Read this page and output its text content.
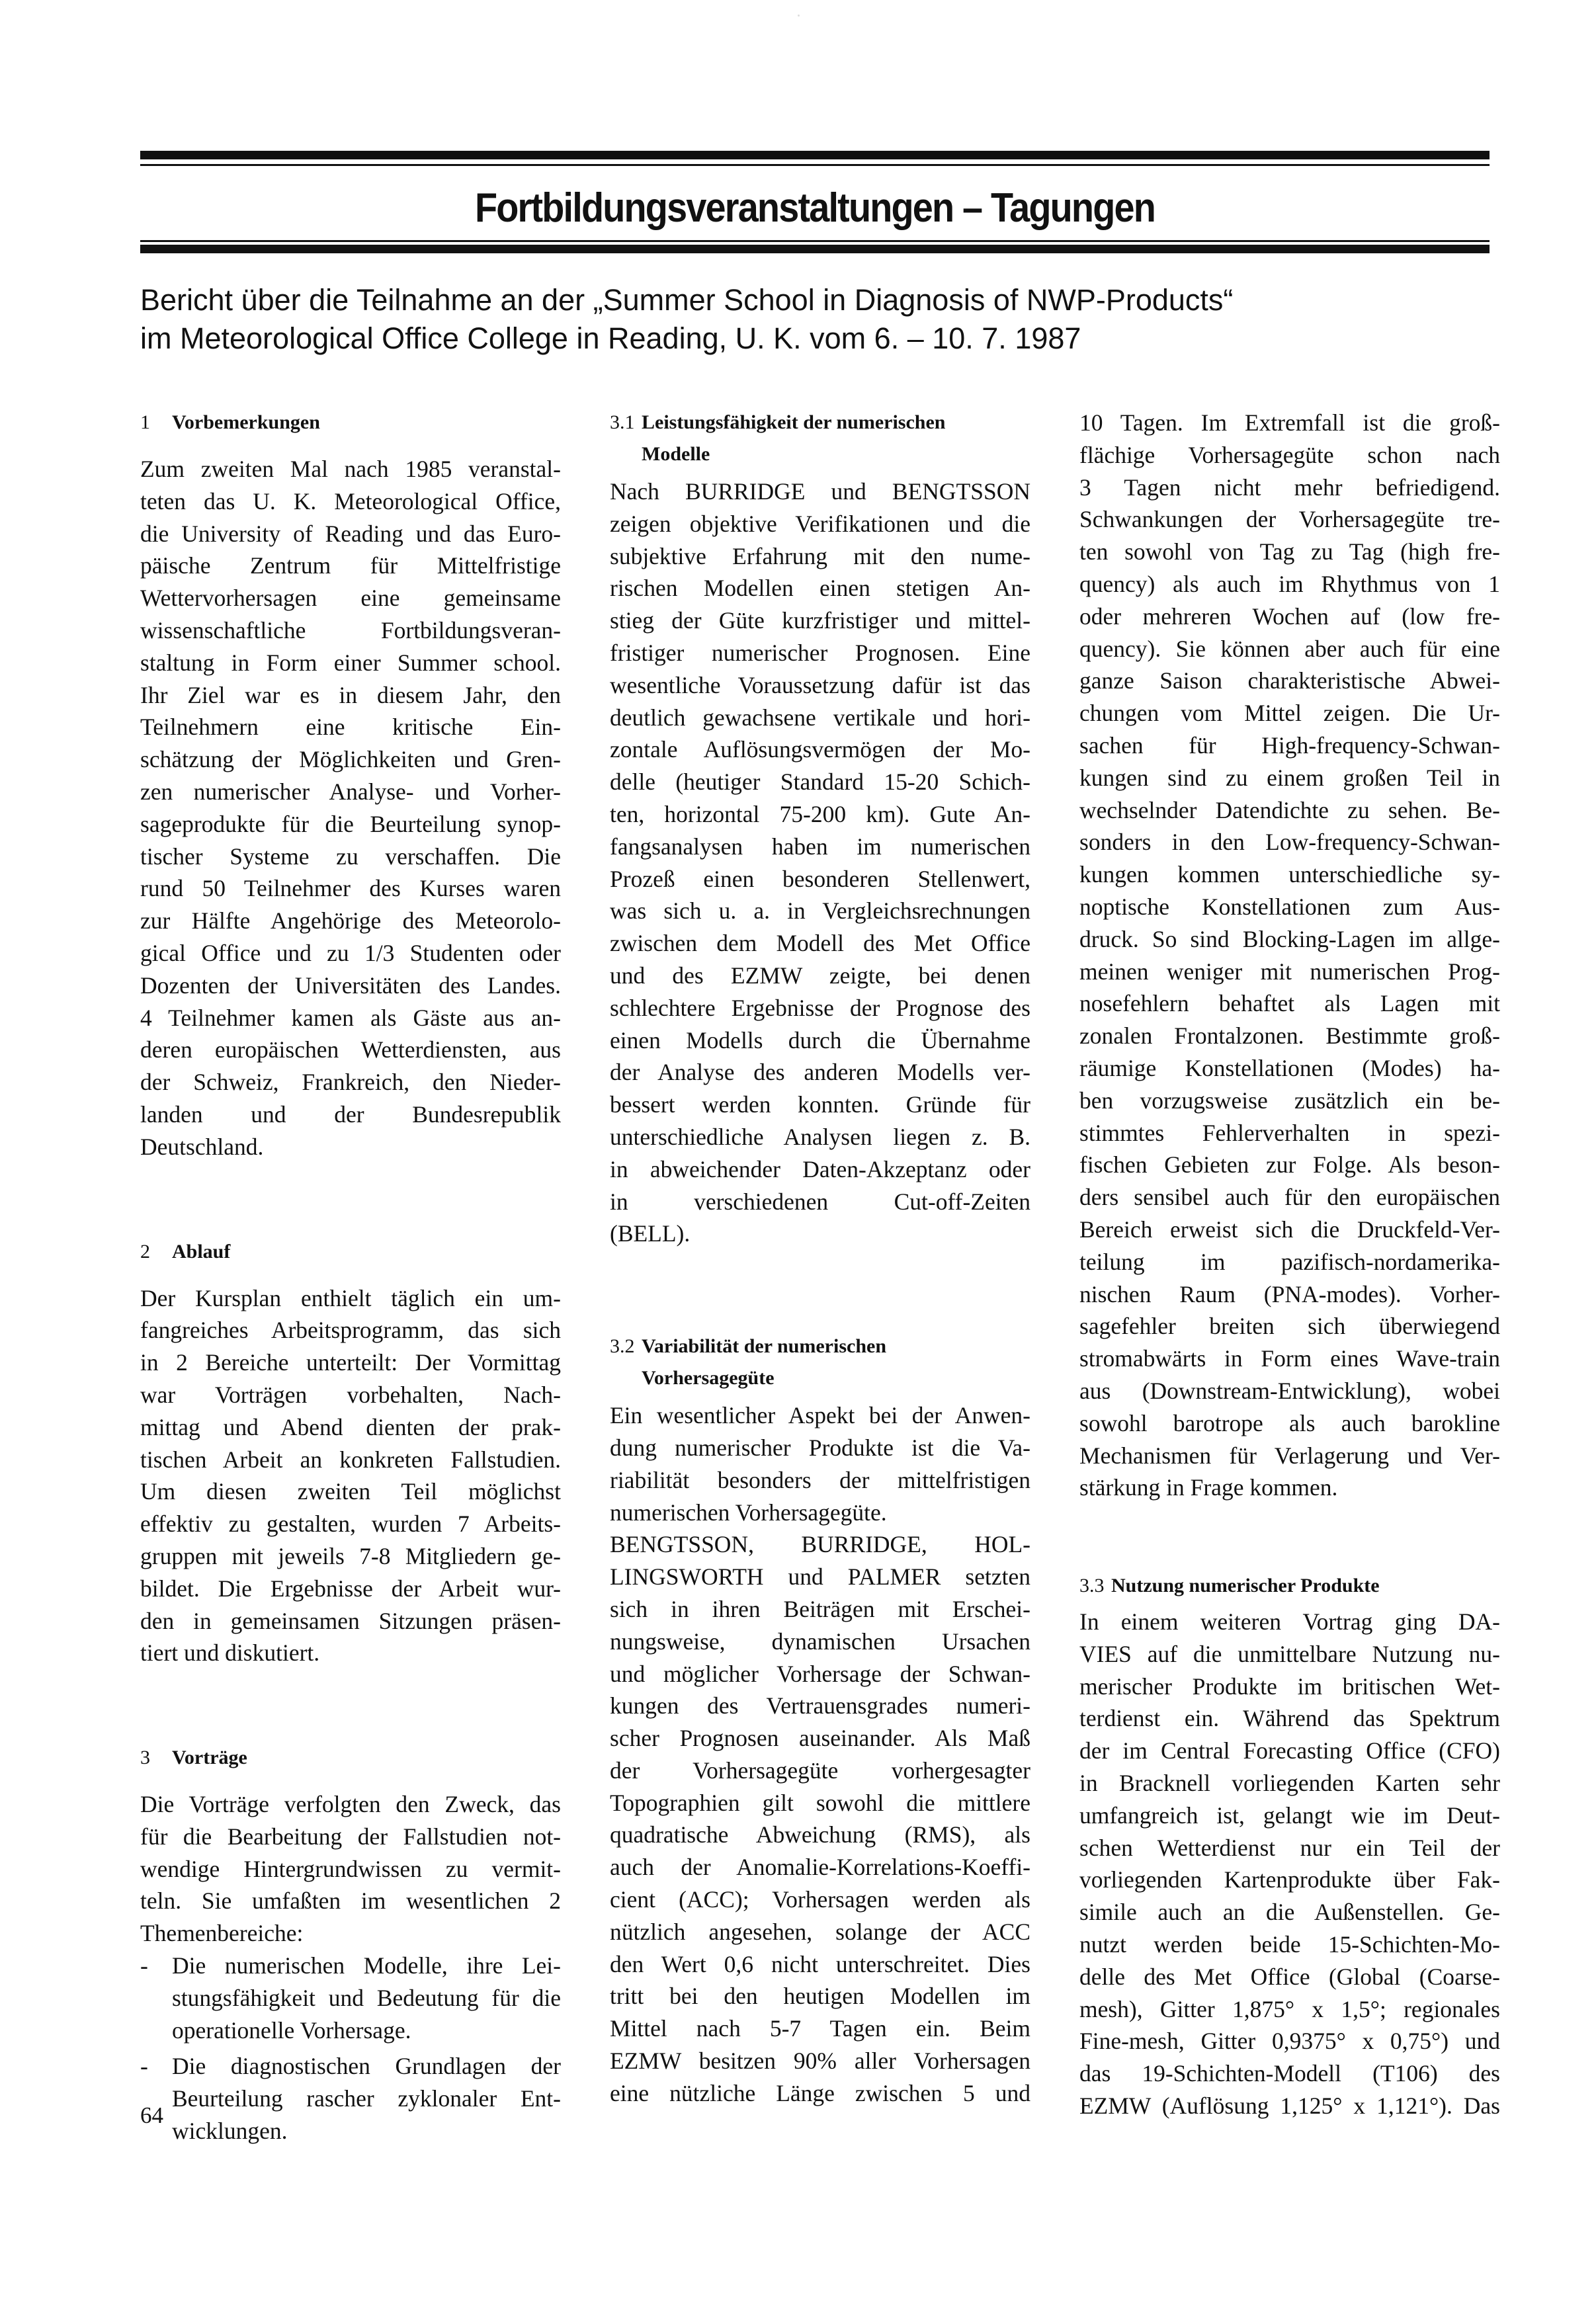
Fortbildungsveranstaltungen – Tagungen
Bericht über die Teilnahme an der „Summer School in Diagnosis of NWP-Products“
im Meteorological Office College in Reading, U. K. vom 6. – 10. 7. 1987
1 Vorbemerkungen

Zum zweiten Mal nach 1985 veranstal-

teten das U. K. Meteorological Office,

die University of Reading und das Euro-

päische Zentrum für Mittelfristige

Wettervorhersagen eine gemeinsame

wissenschaftliche Fortbildungsveran-

staltung in Form einer Summer school.

Ihr Ziel war es in diesem Jahr, den

Teilnehmern eine kritische Ein-

schätzung der Möglichkeiten und Gren-

zen numerischer Analyse- und Vorher-

sageprodukte für die Beurteilung synop-

tischer Systeme zu verschaffen. Die

rund 50 Teilnehmer des Kurses waren

zur Hälfte Angehörige des Meteorolo-

gical Office und zu 1/3 Studenten oder

Dozenten der Universitäten des Landes.

4 Teilnehmer kamen als Gäste aus an-

deren europäischen Wetterdiensten, aus

der Schweiz, Frankreich, den Nieder-

landen und der Bundesrepublik

Deutschland.

2 Ablauf

Der Kursplan enthielt täglich ein um-

fangreiches Arbeitsprogramm, das sich

in 2 Bereiche unterteilt: Der Vormittag

war Vorträgen vorbehalten, Nach-

mittag und Abend dienten der prak-

tischen Arbeit an konkreten Fallstudien.

Um diesen zweiten Teil möglichst

effektiv zu gestalten, wurden 7 Arbeits-

gruppen mit jeweils 7-8 Mitgliedern ge-

bildet. Die Ergebnisse der Arbeit wur-

den in gemeinsamen Sitzungen präsen-

tiert und diskutiert.

3 Vorträge

Die Vorträge verfolgten den Zweck, das

für die Bearbeitung der Fallstudien not-

wendige Hintergrundwissen zu vermit-

teln. Sie umfaßten im wesentlichen 2

Themenbereiche:

- Die numerischen Modelle, ihre Lei-

stungsfähigkeit und Bedeutung für die

operationelle Vorhersage.

- Die diagnostischen Grundlagen der

Beurteilung rascher zyklonaler Ent-

wicklungen.

3.1 Leistungsfähigkeit der numerischen Modelle

Nach BURRIDGE und BENGTSSON

zeigen objektive Verifikationen und die

subjektive Erfahrung mit den nume-

rischen Modellen einen stetigen An-

stieg der Güte kurzfristiger und mittel-

fristiger numerischer Prognosen. Eine

wesentliche Voraussetzung dafür ist das

deutlich gewachsene vertikale und hori-

zontale Auflösungsvermögen der Mo-

delle (heutiger Standard 15-20 Schich-

ten, horizontal 75-200 km). Gute An-

fangsanalysen haben im numerischen

Prozeß einen besonderen Stellenwert,

was sich u. a. in Vergleichsrechnungen

zwischen dem Modell des Met Office

und des EZMW zeigte, bei denen

schlechtere Ergebnisse der Prognose des

einen Modells durch die Übernahme

der Analyse des anderen Modells ver-

bessert werden konnten. Gründe für

unterschiedliche Analysen liegen z. B.

in abweichender Daten-Akzeptanz oder

in verschiedenen Cut-off-Zeiten

(BELL).

3.2 Variabilität der numerischen Vorhersagegüte

Ein wesentlicher Aspekt bei der Anwen-

dung numerischer Produkte ist die Va-

riabilität besonders der mittelfristigen

numerischen Vorhersagegüte.

BENGTSSON, BURRIDGE, HOL-

LINGSWORTH und PALMER setzten

sich in ihren Beiträgen mit Erschei-

nungsweise, dynamischen Ursachen

und möglicher Vorhersage der Schwan-

kungen des Vertrauensgrades numeri-

scher Prognosen auseinander. Als Maß

der Vorhersagegüte vorhergesagter

Topographien gilt sowohl die mittlere

quadratische Abweichung (RMS), als

auch der Anomalie-Korrelations-Koeffi-

cient (ACC); Vorhersagen werden als

nützlich angesehen, solange der ACC

den Wert 0,6 nicht unterschreitet. Dies

tritt bei den heutigen Modellen im

Mittel nach 5-7 Tagen ein. Beim

EZMW besitzen 90% aller Vorhersagen

eine nützliche Länge zwischen 5 und

10 Tagen. Im Extremfall ist die groß-

flächige Vorhersagegüte schon nach

3 Tagen nicht mehr befriedigend.

Schwankungen der Vorhersagegüte tre-

ten sowohl von Tag zu Tag (high fre-

quency) als auch im Rhythmus von 1

oder mehreren Wochen auf (low fre-

quency). Sie können aber auch für eine

ganze Saison charakteristische Abwei-

chungen vom Mittel zeigen. Die Ur-

sachen für High-frequency-Schwan-

kungen sind zu einem großen Teil in

wechselnder Datendichte zu sehen. Be-

sonders in den Low-frequency-Schwan-

kungen kommen unterschiedliche sy-

noptische Konstellationen zum Aus-

druck. So sind Blocking-Lagen im allge-

meinen weniger mit numerischen Prog-

nosefehlern behaftet als Lagen mit

zonalen Frontalzonen. Bestimmte groß-

räumige Konstellationen (Modes) ha-

ben vorzugsweise zusätzlich ein be-

stimmtes Fehlerverhalten in spezi-

fischen Gebieten zur Folge. Als beson-

ders sensibel auch für den europäischen

Bereich erweist sich die Druckfeld-Ver-

teilung im pazifisch-nordamerika-

nischen Raum (PNA-modes). Vorher-

sagefehler breiten sich überwiegend

stromabwärts in Form eines Wave-train

aus (Downstream-Entwicklung), wobei

sowohl barotrope als auch barokline

Mechanismen für Verlagerung und Ver-

stärkung in Frage kommen.

3.3 Nutzung numerischer Produkte

In einem weiteren Vortrag ging DA-

VIES auf die unmittelbare Nutzung nu-

merischer Produkte im britischen Wet-

terdienst ein. Während das Spektrum

der im Central Forecasting Office (CFO)

in Bracknell vorliegenden Karten sehr

umfangreich ist, gelangt wie im Deut-

schen Wetterdienst nur ein Teil der

vorliegenden Kartenprodukte über Fak-

simile auch an die Außenstellen. Ge-

nutzt werden beide 15-Schichten-Mo-

delle des Met Office (Global (Coarse-

mesh), Gitter 1,875° x 1,5°; regionales

Fine-mesh, Gitter 0,9375° x 0,75°) und

das 19-Schichten-Modell (T106) des

EZMW (Auflösung 1,125° x 1,121°). Das

64
